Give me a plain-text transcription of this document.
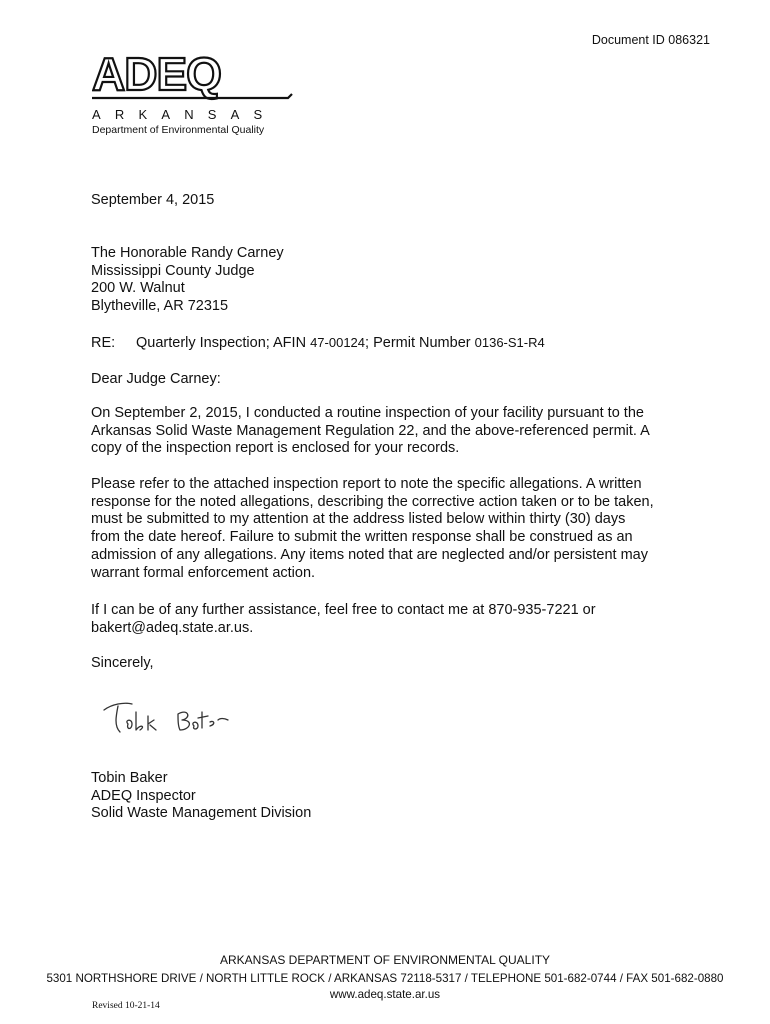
Document ID 086321
ADEQ
ARKANSAS
Department of Environmental Quality
September 4, 2015
The Honorable Randy Carney
Mississippi County Judge
200 W. Walnut
Blytheville, AR 72315
RE: Quarterly Inspection; AFIN 47-00124; Permit Number 0136-S1-R4
Dear Judge Carney:
On September 2, 2015, I conducted a routine inspection of your facility pursuant to the
Arkansas Solid Waste Management Regulation 22, and the above-referenced permit. A
copy of the inspection report is enclosed for your records.
Please refer to the attached inspection report to note the specific allegations. A written
response for the noted allegations, describing the corrective action taken or to be taken,
must be submitted to my attention at the address listed below within thirty (30) days
from the date hereof. Failure to submit the written response shall be construed as an
admission of any allegations. Any items noted that are neglected and/or persistent may
warrant formal enforcement action.
If I can be of any further assistance, feel free to contact me at 870-935-7221 or
bakert@adeq.state.ar.us.
Sincerely,
Tobin Baker
ADEQ Inspector
Solid Waste Management Division
ARKANSAS DEPARTMENT OF ENVIRONMENTAL QUALITY
5301 NORTHSHORE DRIVE / NORTH LITTLE ROCK / ARKANSAS 72118-5317 / TELEPHONE 501-682-0744 / FAX 501-682-0880
www.adeq.state.ar.us
Revised 10-21-14
